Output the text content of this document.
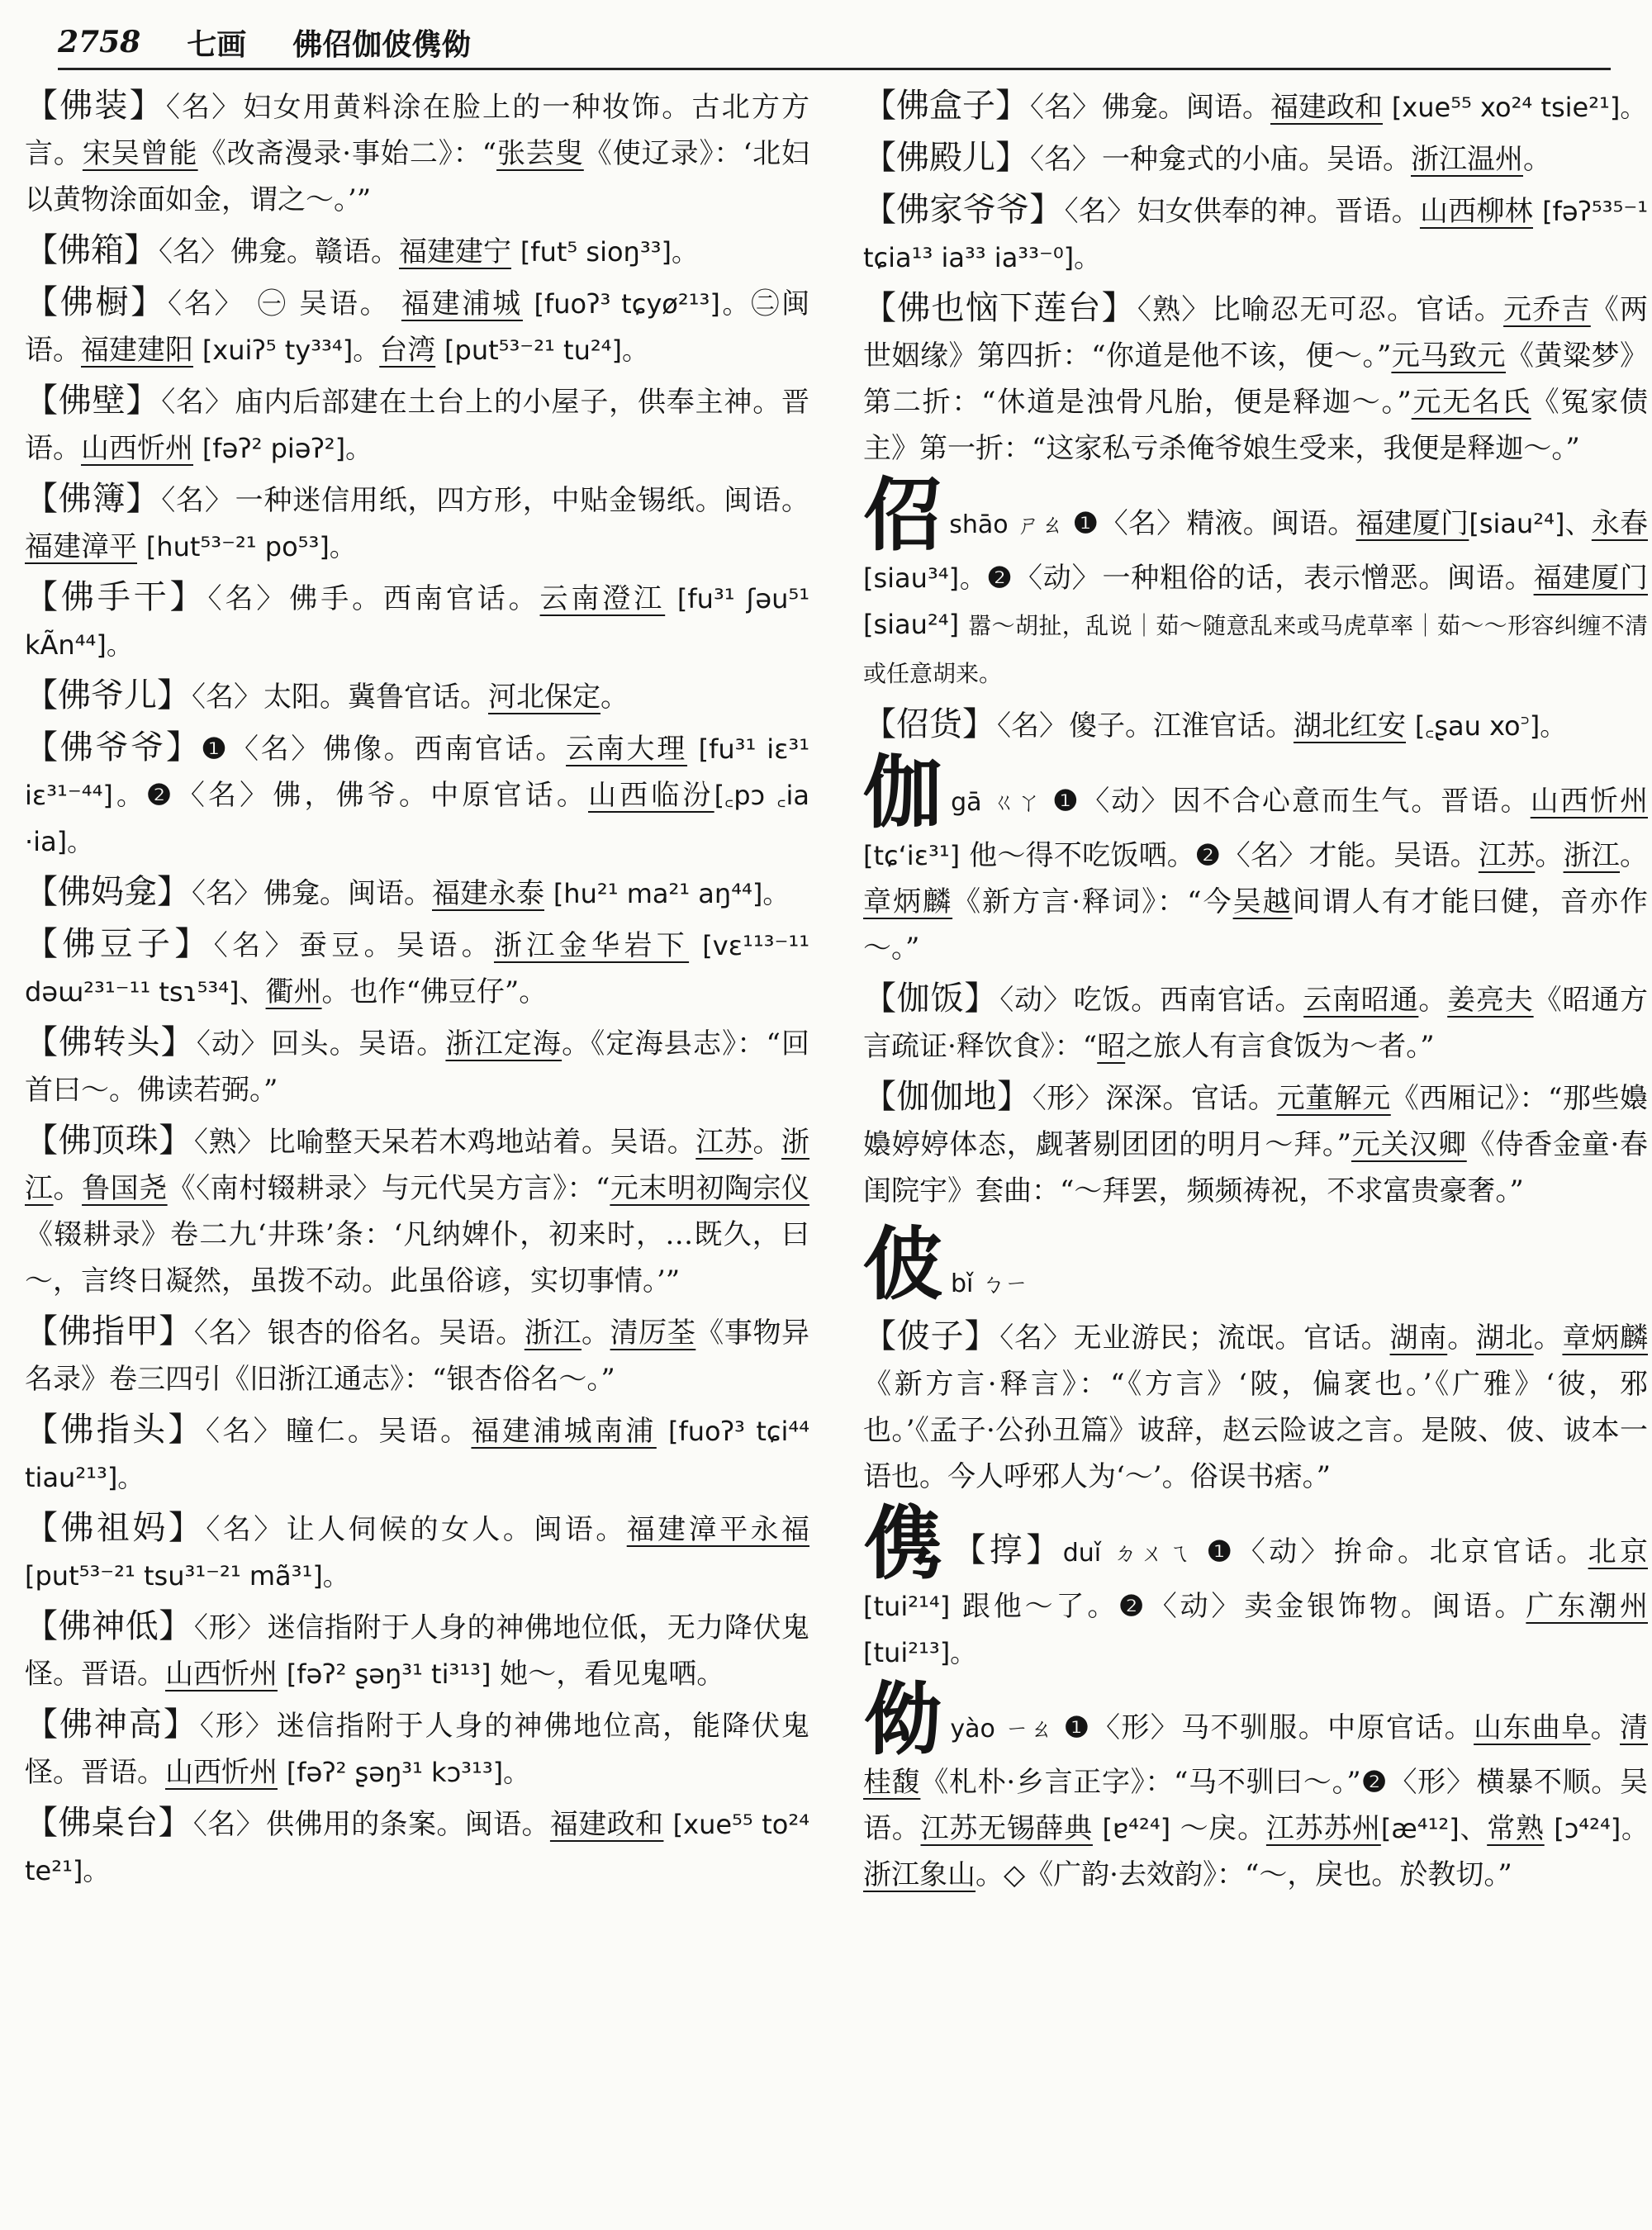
2758 七画 佛佋伽佊㑺㑃
【佛装】〈名〉妇女用黄料涂在脸上的一种妆饰。古北方方言。宋吴曾能《改斋漫录·事始二》：“张芸叟《使辽录》：‘北妇以黄物涂面如金，谓之～。’”
【佛箱】〈名〉佛龛。赣语。福建建宁 [fut⁵ sioŋ³³]。
【佛橱】〈名〉 ㊀ 吴语。 福建浦城 [fuoʔ³ tɕyø²¹³]。㊁闽语。福建建阳 [xuiʔ⁵ ty³³⁴]。台湾 [put⁵³⁻²¹ tu²⁴]。
【佛壁】〈名〉庙内后部建在土台上的小屋子，供奉主神。晋语。山西忻州 [fəʔ² piəʔ²]。
【佛簿】〈名〉一种迷信用纸，四方形，中贴金锡纸。闽语。福建漳平 [hut⁵³⁻²¹ po⁵³]。
【佛手干】〈名〉佛手。西南官话。云南澄江 [fu³¹ ʃəu⁵¹ kÃn⁴⁴]。
【佛爷儿】〈名〉太阳。冀鲁官话。河北保定。
【佛爷爷】❶〈名〉佛像。西南官话。云南大理 [fu³¹ iɛ³¹ iɛ³¹⁻⁴⁴]。❷〈名〉佛，佛爷。中原官话。山西临汾[꜀pɔ ꜀ia ·ia]。
【佛妈龛】〈名〉佛龛。闽语。福建永泰 [hu²¹ ma²¹ aŋ⁴⁴]。
【佛豆子】〈名〉蚕豆。吴语。浙江金华岩下 [vɛ¹¹³⁻¹¹ dəɯ²³¹⁻¹¹ tsɿ⁵³⁴]、衢州。也作“佛豆仔”。
【佛转头】〈动〉回头。吴语。浙江定海。《定海县志》：“回首曰～。佛读若弼。”
【佛顶珠】〈熟〉比喻整天呆若木鸡地站着。吴语。江苏。浙江。鲁国尧《〈南村辍耕录〉与元代吴方言》：“元末明初陶宗仪《辍耕录》卷二九‘井珠’条：‘凡纳婢仆，初来时，…既久，曰～，言终日凝然，虽拨不动。此虽俗谚，实切事情。’”
【佛指甲】〈名〉银杏的俗名。吴语。浙江。清厉荃《事物异名录》卷三四引《旧浙江通志》：“银杏俗名～。”
【佛指头】〈名〉瞳仁。吴语。福建浦城南浦 [fuoʔ³ tɕi⁴⁴ tiau²¹³]。
【佛祖妈】〈名〉让人伺候的女人。闽语。福建漳平永福 [put⁵³⁻²¹ tsu³¹⁻²¹ mã³¹]。
【佛神低】〈形〉迷信指附于人身的神佛地位低，无力降伏鬼怪。晋语。山西忻州 [fəʔ² ʂəŋ³¹ ti³¹³] 她～，看见鬼哂。
【佛神高】〈形〉迷信指附于人身的神佛地位高，能降伏鬼怪。晋语。山西忻州 [fəʔ² ʂəŋ³¹ kɔ³¹³]。
【佛桌台】〈名〉供佛用的条案。闽语。福建政和 [xue⁵⁵ to²⁴ te²¹]。
【佛盒子】〈名〉佛龛。闽语。福建政和 [xue⁵⁵ xo²⁴ tsie²¹]。
【佛殿儿】〈名〉一种龛式的小庙。吴语。浙江温州。
【佛家爷爷】〈名〉妇女供奉的神。晋语。山西柳林 [fəʔ⁵³⁵⁻¹ tɕia¹³ ia³³ ia³³⁻⁰]。
【佛也恼下莲台】〈熟〉比喻忍无可忍。官话。元乔吉《两世姻缘》第四折：“你道是他不该，便～。”元马致元《黄粱梦》第二折：“休道是浊骨凡胎，便是释迦～。”元无名氏《冤家债主》第一折：“这家私亏杀俺爷娘生受来，我便是释迦～。”
佋shāo ㄕㄠ ❶〈名〉精液。闽语。福建厦门[siau²⁴]、永春 [siau³⁴]。❷〈动〉一种粗俗的话，表示憎恶。闽语。福建厦门 [siau²⁴] 嚣～胡扯，乱说｜茹～随意乱来或马虎草率｜茹～～形容纠缠不清或任意胡来。
【佋货】〈名〉傻子。江淮官话。湖北红安 [꜀ʂau xo꜄]。
伽gā ㄍㄚ ❶〈动〉因不合心意而生气。晋语。山西忻州 [tɕʻiɛ³¹] 他～得不吃饭哂。❷〈名〉才能。吴语。江苏。浙江。章炳麟《新方言·释词》：“今吴越间谓人有才能曰健，音亦作～。”
【伽饭】〈动〉吃饭。西南官话。云南昭通。姜亮夫《昭通方言疏证·释饮食》：“昭之旅人有言食饭为～者。”
【伽伽地】〈形〉深深。官话。元董解元《西厢记》：“那些嬝嬝婷婷体态，觑著剔团团的明月～拜。”元关汉卿《侍香金童·春闺院宇》套曲：“～拜罢，频频祷祝，不求富贵豪奢。”
佊 bǐ ㄅㄧ
【佊子】〈名〉无业游民；流氓。官话。湖南。湖北。章炳麟《新方言·释言》：“《方言》‘陂，偏衺也。’《广雅》‘彼，邪也。’《孟子·公孙丑篇》诐辞，赵云险诐之言。是陂、佊、诐本一语也。今人呼邪人为‘～’。俗误书痞。”
㑺 【㨃】duǐ ㄉㄨㄟ ❶〈动〉拚命。北京官话。北京 [tui²¹⁴] 跟他～了。❷〈动〉卖金银饰物。闽语。广东潮州 [tui²¹³]。
㑃yào ㄧㄠ ❶〈形〉马不驯服。中原官话。山东曲阜。清桂馥《札朴·乡言正字》：“马不驯曰～。”❷〈形〉横暴不顺。吴语。江苏无锡薛典 [ɐ⁴²⁴] ～戾。江苏苏州[æ⁴¹²]、常熟 [ɔ⁴²⁴]。浙江象山。◇《广韵·去效韵》：“～，戾也。於教切。”
